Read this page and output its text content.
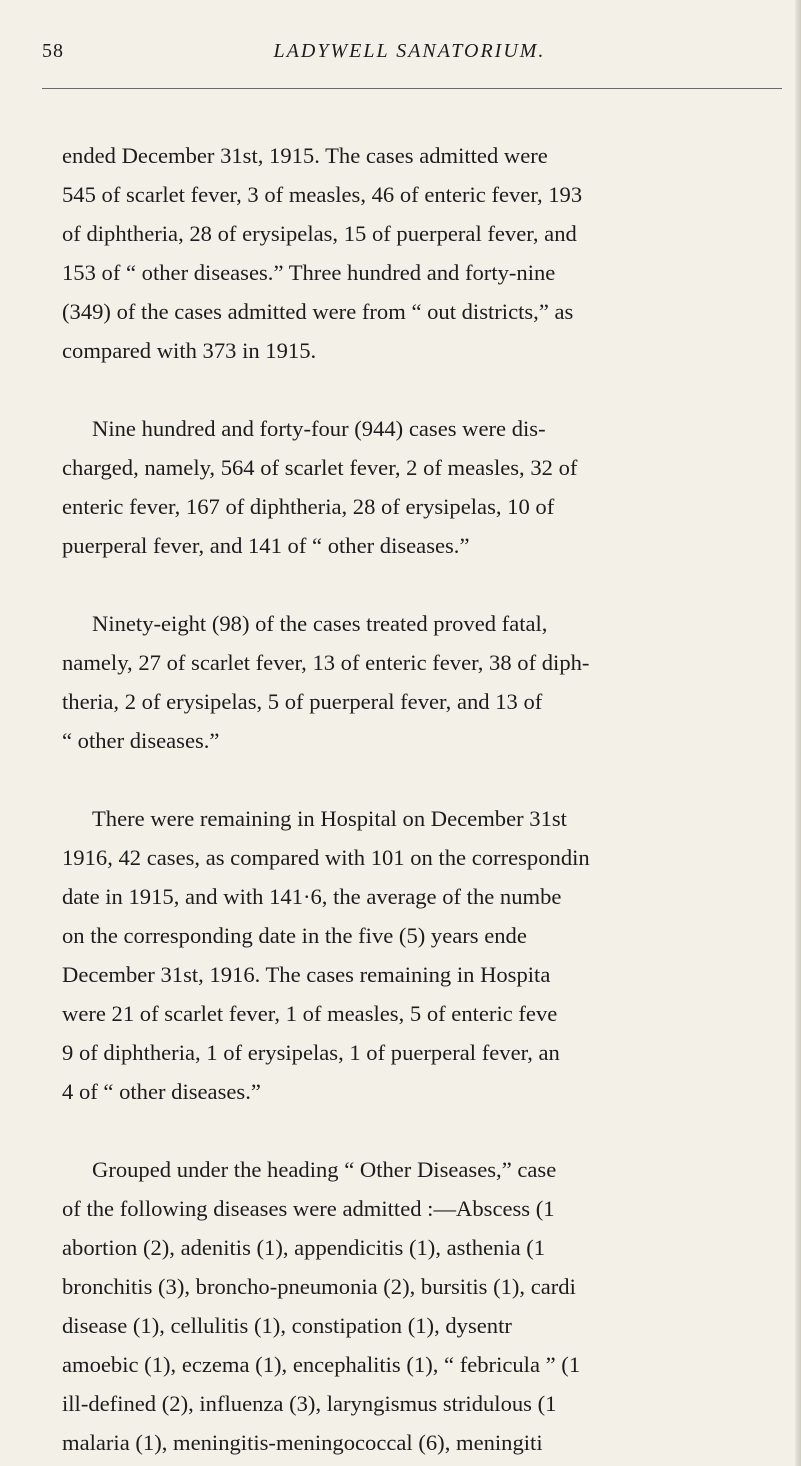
58	LADYWELL SANATORIUM.

ended December 31st, 1915. The cases admitted were
545 of scarlet fever, 3 of measles, 46 of enteric fever, 193
of diphtheria, 28 of erysipelas, 15 of puerperal fever, and
153 of “ other diseases.” Three hundred and forty-nine
(349) of the cases admitted were from “ out districts,” as
compared with 373 in 1915.

Nine hundred and forty-four (944) cases were dis-
charged, namely, 564 of scarlet fever, 2 of measles, 32 of
enteric fever, 167 of diphtheria, 28 of erysipelas, 10 of
puerperal fever, and 141 of “ other diseases.”

Ninety-eight (98) of the cases treated proved fatal,
namely, 27 of scarlet fever, 13 of enteric fever, 38 of diph-
theria, 2 of erysipelas, 5 of puerperal fever, and 13 of
“ other diseases.”

There were remaining in Hospital on December 31st
1916, 42 cases, as compared with 101 on the correspondin
date in 1915, and with 141·6, the average of the numbe
on the corresponding date in the five (5) years ende
December 31st, 1916. The cases remaining in Hospita
were 21 of scarlet fever, 1 of measles, 5 of enteric feve
9 of diphtheria, 1 of erysipelas, 1 of puerperal fever, an
4 of “ other diseases.”

Grouped under the heading “ Other Diseases,” case
of the following diseases were admitted :—Abscess (1
abortion (2), adenitis (1), appendicitis (1), asthenia (1
bronchitis (3), broncho-pneumonia (2), bursitis (1), cardi
disease (1), cellulitis (1), constipation (1), dysentr
amoebic (1), eczema (1), encephalitis (1), “ febricula ” (1
ill-defined (2), influenza (3), laryngismus stridulous (1
malaria (1), meningitis-meningococcal (6), meningiti
